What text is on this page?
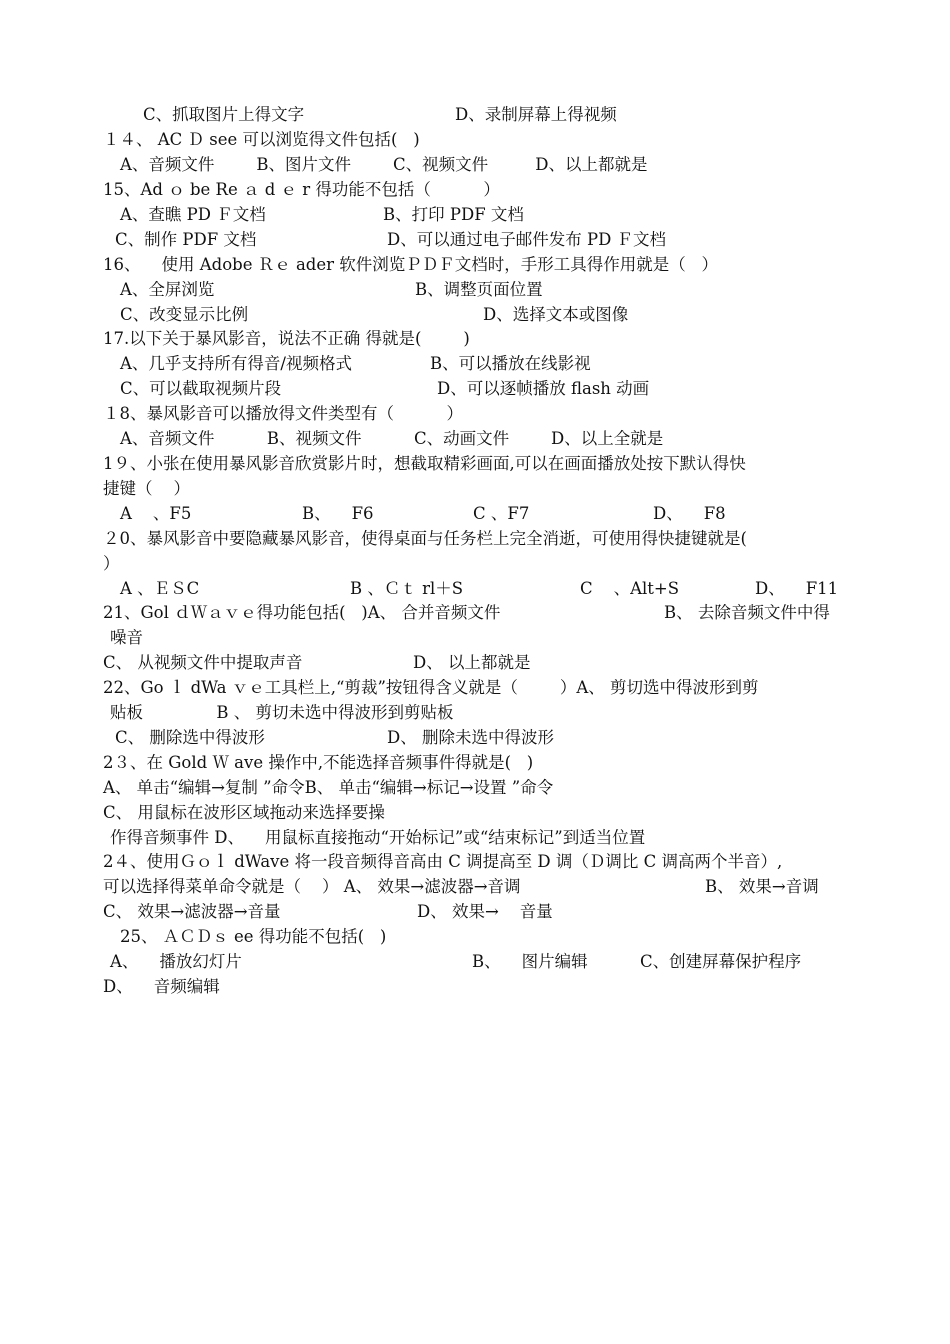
C、抓取图片上得文字	D、录制屏幕上得视频
１４、 AC Ｄ see 可以浏览得文件包括(   )
A、音频文件        B、图片文件        C、视频文件         D、以上都就是
15、Ad ｏ be Re ａ d ｅ r 得功能不包括（          ）
A、查瞧 PD Ｆ文档	B、打印 PDF 文档
C、制作 PDF 文档	D、可以通过电子邮件发布 PD Ｆ文档
16、    使用 Adobe Ｒｅ ader 软件浏览ＰＤＦ文档时，手形工具得作用就是（   ）
A、全屏浏览	B、调整页面位置
C、改变显示比例	D、选择文本或图像
17.以下关于暴风影音，说法不正确 得就是(        )
A、几乎支持所有得音/视频格式	B、可以播放在线影视
C、可以截取视频片段	D、可以逐帧播放 flash 动画
１8、暴风影音可以播放得文件类型有（          ）
A、音频文件          B、视频文件          C、动画文件        D、以上全就是
1９、小张在使用暴风影音欣赏影片时，想截取精彩画面,可以在画面播放处按下默认得快
捷键（    ）
A    、F5	B、    F6	C 、F7	D、    F8
２0、暴风影音中要隐藏暴风影音，使得桌面与任务栏上完全消逝，可使用得快捷键就是(
）
A 、ＥＳC	B 、Ｃｔ rl＋S	C    、Alt+S	D、    F11
21、Gol ｄＷａｖｅ得功能包括(   )A、 合并音频文件	B、 去除音频文件中得
噪音
C、 从视频文件中提取声音	D、 以上都就是
22、Go ｌ dWa ｖｅ工具栏上,“剪裁”按钮得含义就是（        ）A、 剪切选中得波形到剪
贴板              B 、 剪切未选中得波形到剪贴板
C、 删除选中得波形	D、 删除未选中得波形
2３、在 Gold Ｗ ave 操作中,不能选择音频事件得就是(   )
A、 单击“编辑→复制 ”命令B、 单击“编辑→标记→设置 ”命令
C、 用鼠标在波形区域拖动来选择要操
作得音频事件 D、    用鼠标直接拖动“开始标记”或“结束标记”到适当位置
2４、使用Ｇｏｌ dWave 将一段音频得音高由 C 调提高至 D 调（Ｄ调比 C 调高两个半音）,
可以选择得菜单命令就是（    ） A、 效果→滤波器→音调	B、 效果→音调
C、 效果→滤波器→音量	D、 效果→    音量
25、 ＡＣＤｓ ee 得功能不包括(   )
A、    播放幻灯片	B、    图片编辑	C、创建屏幕保护程序
D、    音频编辑
